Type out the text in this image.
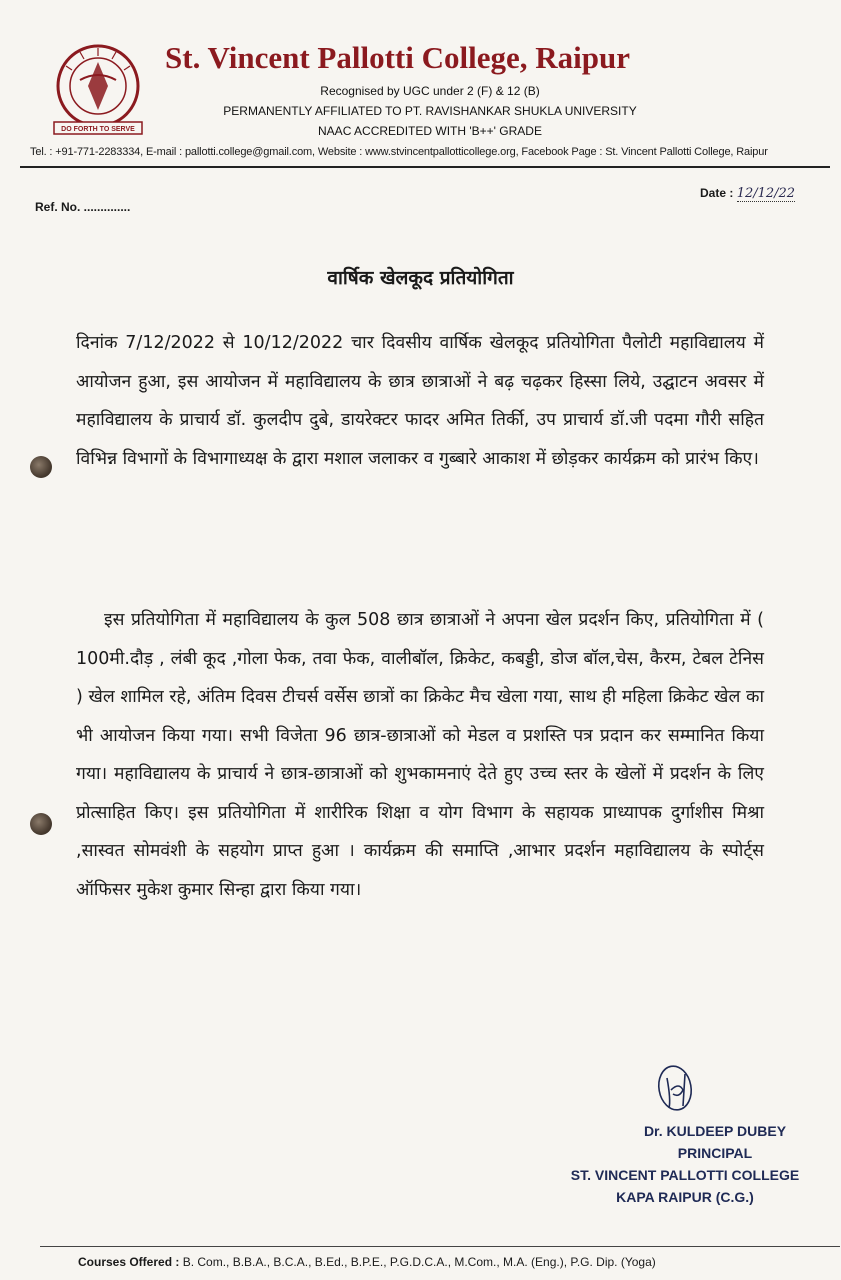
DO FORTH TO SERVE
St. Vincent Pallotti College, Raipur
Recognised by UGC under 2 (F) & 12 (B)
PERMANENTLY AFFILIATED TO PT. RAVISHANKAR SHUKLA UNIVERSITY
NAAC ACCREDITED WITH 'B++' GRADE
Tel. : +91-771-2283334, E-mail : pallotti.college@gmail.com, Website : www.stvincentpallotticollege.org, Facebook Page : St. Vincent Pallotti College, Raipur
Ref. No. ..............
Date : 12/12/22
वार्षिक खेलकूद प्रतियोगिता
दिनांक 7/12/2022 से 10/12/2022 चार दिवसीय वार्षिक खेलकूद प्रतियोगिता पैलोटी महाविद्यालय में आयोजन हुआ, इस आयोजन में महाविद्यालय के छात्र छात्राओं ने बढ़ चढ़कर हिस्सा लिये, उद्घाटन अवसर में महाविद्यालय के प्राचार्य डॉ. कुलदीप दुबे, डायरेक्टर फादर अमित तिर्की, उप प्राचार्य डॉ.जी पदमा गौरी सहित विभिन्न विभागों के विभागाध्यक्ष के द्वारा मशाल जलाकर व गुब्बारे आकाश में छोड़कर कार्यक्रम को प्रारंभ किए।
इस प्रतियोगिता में महाविद्यालय के कुल 508 छात्र छात्राओं ने अपना खेल प्रदर्शन किए, प्रतियोगिता में ( 100मी.दौड़ , लंबी कूद ,गोला फेक, तवा फेक, वालीबॉल, क्रिकेट, कबड्डी, डोज बॉल,चेस, कैरम, टेबल टेनिस ) खेल शामिल रहे, अंतिम दिवस टीचर्स वर्सेस छात्रों का क्रिकेट मैच खेला गया, साथ ही महिला क्रिकेट खेल का भी आयोजन किया गया। सभी विजेता 96 छात्र-छात्राओं को मेडल व प्रशस्ति पत्र प्रदान कर सम्मानित किया गया। महाविद्यालय के प्राचार्य ने छात्र-छात्राओं को शुभकामनाएं देते हुए उच्च स्तर के खेलों में प्रदर्शन के लिए प्रोत्साहित किए। इस प्रतियोगिता में शारीरिक शिक्षा व योग विभाग के सहायक प्राध्यापक दुर्गाशीस मिश्रा ,सास्वत सोमवंशी के सहयोग प्राप्त हुआ । कार्यक्रम की समाप्ति ,आभार प्रदर्शन महाविद्यालय के स्पोर्ट्स ऑफिसर मुकेश कुमार सिन्हा द्वारा किया गया।
Dr. KULDEEP DUBEY
PRINCIPAL
ST. VINCENT PALLOTTI COLLEGE
KAPA RAIPUR (C.G.)
Courses Offered : B. Com., B.B.A., B.C.A., B.Ed., B.P.E., P.G.D.C.A., M.Com., M.A. (Eng.), P.G. Dip. (Yoga)
